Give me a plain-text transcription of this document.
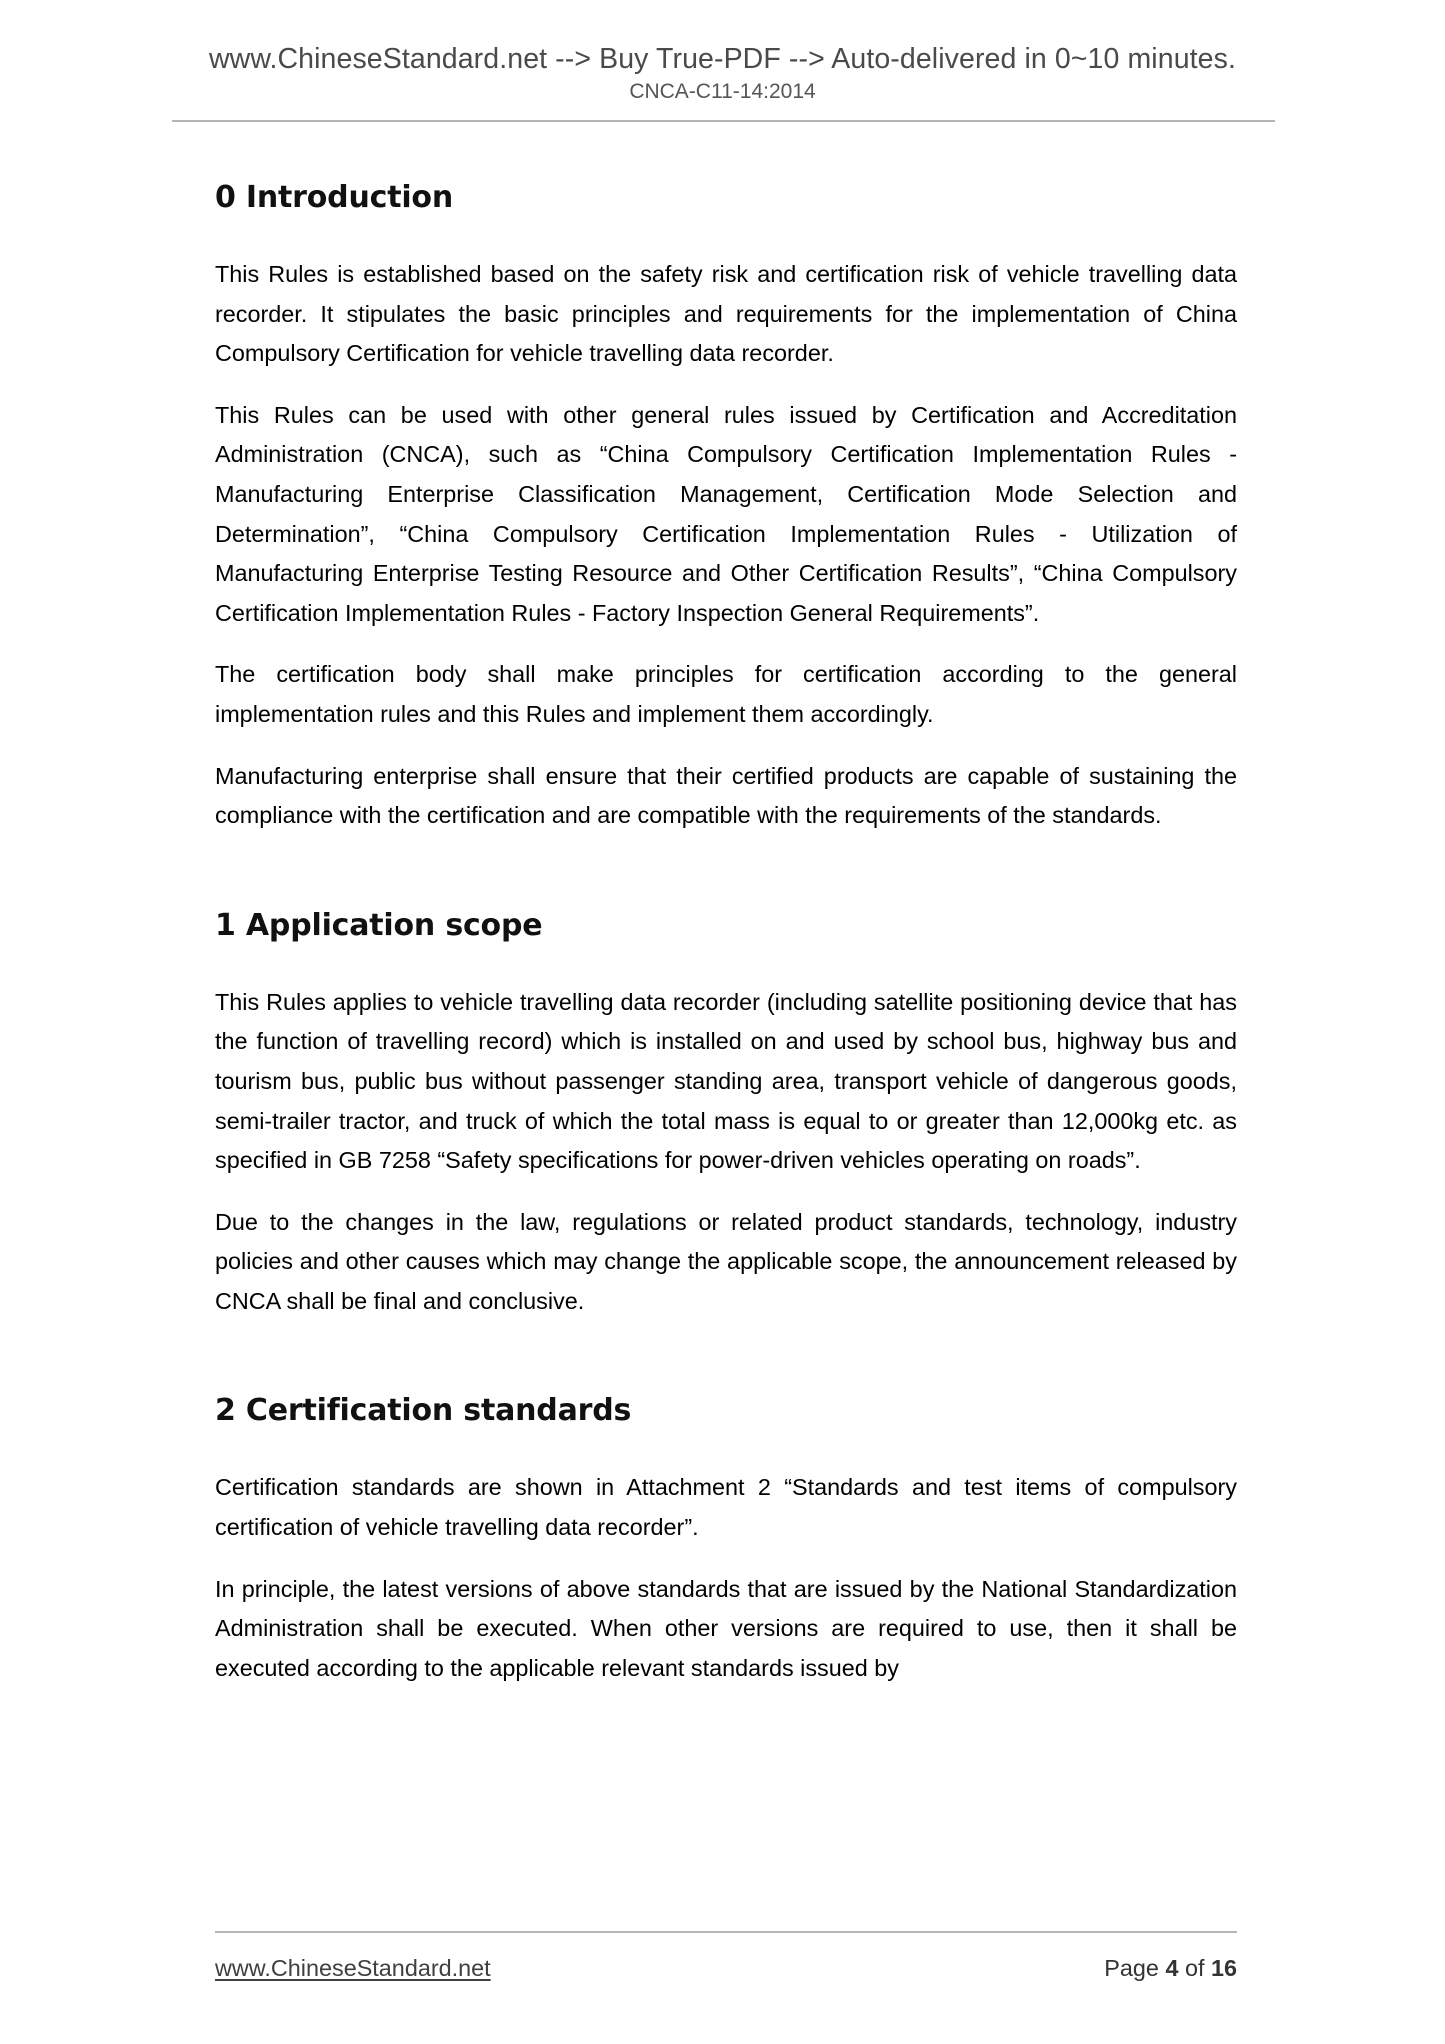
www.ChineseStandard.net --> Buy True-PDF --> Auto-delivered in 0~10 minutes.
CNCA-C11-14:2014
0 Introduction

This Rules is established based on the safety risk and certification risk of vehicle travelling data recorder. It stipulates the basic principles and requirements for the implementation of China Compulsory Certification for vehicle travelling data recorder.

This Rules can be used with other general rules issued by Certification and Accreditation Administration (CNCA), such as “China Compulsory Certification Implementation Rules - Manufacturing Enterprise Classification Management, Certification Mode Selection and Determination”, “China Compulsory Certification Implementation Rules - Utilization of Manufacturing Enterprise Testing Resource and Other Certification Results”, “China Compulsory Certification Implementation Rules - Factory Inspection General Requirements”.

The certification body shall make principles for certification according to the general implementation rules and this Rules and implement them accordingly.

Manufacturing enterprise shall ensure that their certified products are capable of sustaining the compliance with the certification and are compatible with the requirements of the standards.

1 Application scope

This Rules applies to vehicle travelling data recorder (including satellite positioning device that has the function of travelling record) which is installed on and used by school bus, highway bus and tourism bus, public bus without passenger standing area, transport vehicle of dangerous goods, semi-trailer tractor, and truck of which the total mass is equal to or greater than 12,000kg etc. as specified in GB 7258 “Safety specifications for power-driven vehicles operating on roads”.

Due to the changes in the law, regulations or related product standards, technology, industry policies and other causes which may change the applicable scope, the announcement released by CNCA shall be final and conclusive.

2 Certification standards

Certification standards are shown in Attachment 2 “Standards and test items of compulsory certification of vehicle travelling data recorder”.

In principle, the latest versions of above standards that are issued by the National Standardization Administration shall be executed. When other versions are required to use, then it shall be executed according to the applicable relevant standards issued by

www.ChineseStandard.net	Page 4 of 16
